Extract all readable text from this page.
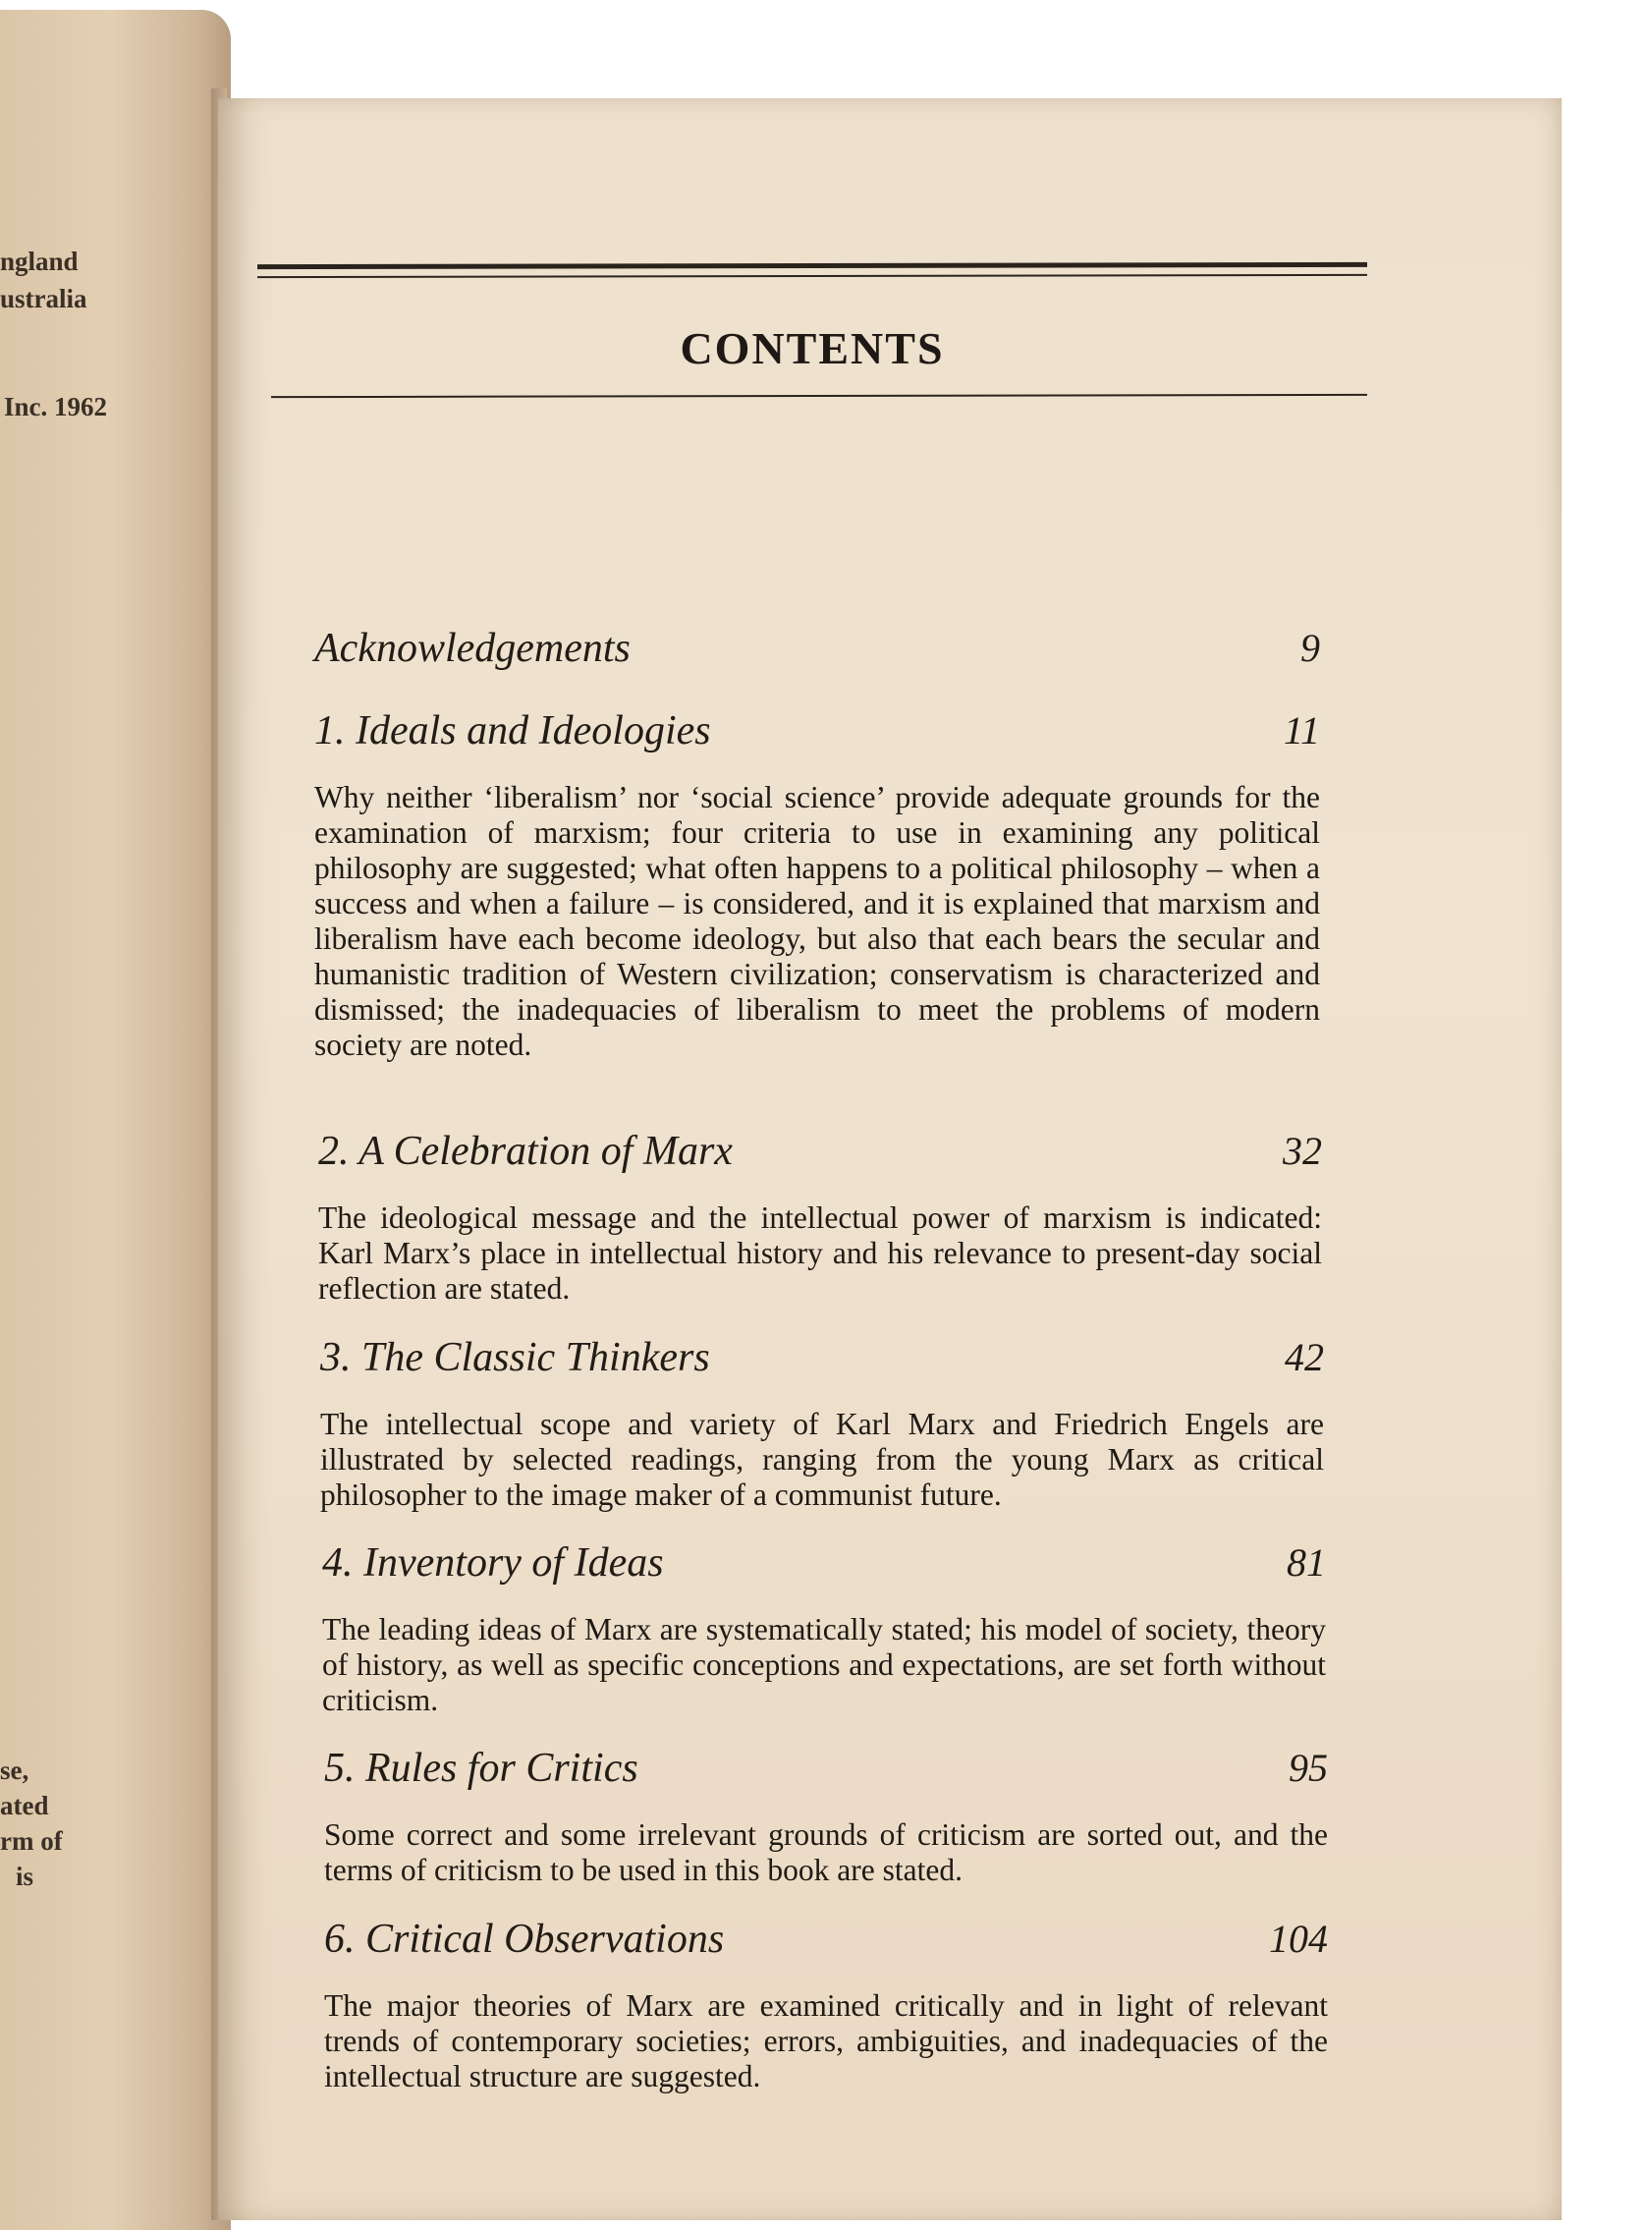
ngland
ustralia
Inc. 1962
se,
ated
rm of
is
CONTENTS
Acknowledgements	9
1. Ideals and Ideologies	11
Why neither ‘liberalism’ nor ‘social science’ provide adequate grounds for the examination of marxism; four criteria to use in examining any political philosophy are suggested; what often happens to a political philosophy – when a success and when a failure – is considered, and it is explained that marxism and liberalism have each become ideology, but also that each bears the secular and humanistic tradition of Western civilization; conservatism is characterized and dismissed; the inadequacies of liberalism to meet the problems of modern society are noted.
2. A Celebration of Marx	32
The ideological message and the intellectual power of marxism is indicated: Karl Marx’s place in intellectual history and his relevance to present-day social reflection are stated.
3. The Classic Thinkers	42
The intellectual scope and variety of Karl Marx and Friedrich Engels are illustrated by selected readings, ranging from the young Marx as critical philosopher to the image maker of a communist future.
4. Inventory of Ideas	81
The leading ideas of Marx are systematically stated; his model of society, theory of history, as well as specific conceptions and expectations, are set forth without criticism.
5. Rules for Critics	95
Some correct and some irrelevant grounds of criticism are sorted out, and the terms of criticism to be used in this book are stated.
6. Critical Observations	104
The major theories of Marx are examined critically and in light of relevant trends of contemporary societies; errors, ambiguities, and inadequacies of the intellectual structure are suggested.
